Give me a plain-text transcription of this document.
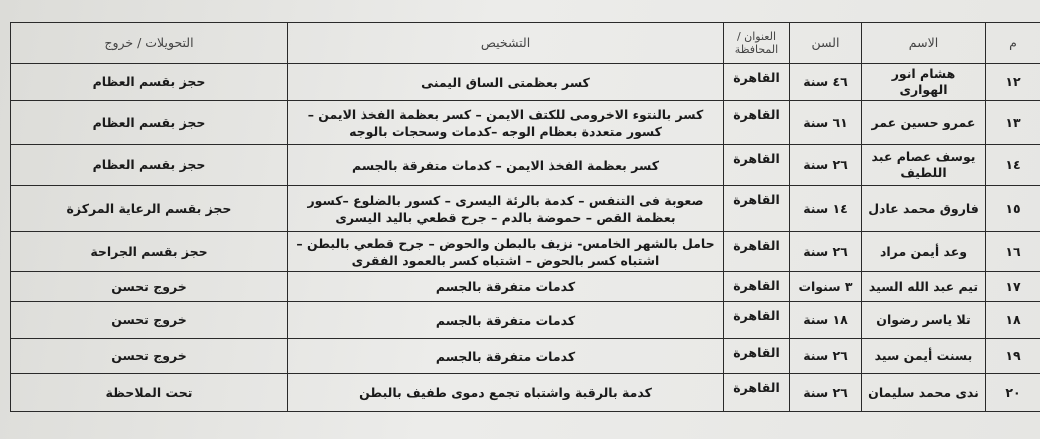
م	الاسم	السن	العنوان / المحافظة	التشخيص	التحويلات / خروج
١٢	هشام انور الهوارى	٤٦ سنة	القاهرة	كسر بعظمتى الساق اليمنى	حجز بقسم العظام
١٣	عمرو حسين عمر	٦١ سنة	القاهرة	كسر بالنتوء الاخرومى للكتف الايمن – كسر بعظمة الفخذ الايمن – كسور متعددة بعظام الوجه –كدمات وسحجات بالوجه	حجز بقسم العظام
١٤	يوسف عصام عبد اللطيف	٢٦ سنة	القاهرة	كسر بعظمة الفخذ الايمن – كدمات متفرقة بالجسم	حجز بقسم العظام
١٥	فاروق محمد عادل	١٤ سنة	القاهرة	صعوبة فى التنفس – كدمة بالرئة اليسرى – كسور بالضلوع –كسور بعظمة القص – حموضة بالدم – جرح قطعي باليد اليسرى	حجز بقسم الرعاية المركزة
١٦	وعد أيمن مراد	٢٦ سنة	القاهرة	حامل بالشهر الخامس- نزيف بالبطن والحوض – جرح قطعي بالبطن – اشتباه كسر بالحوض – اشتباه كسر بالعمود الفقرى	حجز بقسم الجراحة
١٧	تيم عبد الله السيد	٣ سنوات	القاهرة	كدمات متفرقة بالجسم	خروج تحسن
١٨	تلا ياسر رضوان	١٨ سنة	القاهرة	كدمات متفرقة بالجسم	خروج تحسن
١٩	بسنت أيمن سيد	٢٦ سنة	القاهرة	كدمات متفرقة بالجسم	خروج تحسن
٢٠	ندى محمد سليمان	٢٦ سنة	القاهرة	كدمة بالرقبة واشتباه تجمع دموى طفيف بالبطن	تحت الملاحظة
